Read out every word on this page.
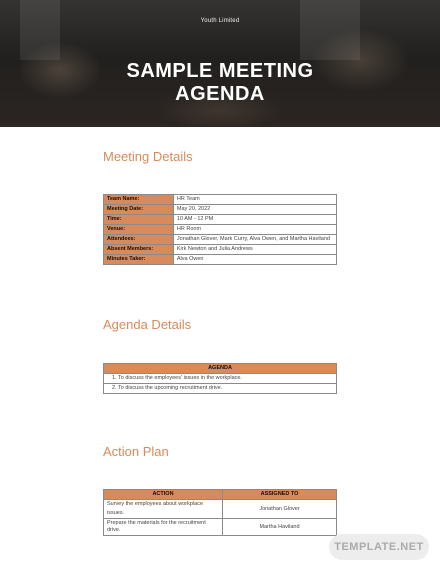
Youth Limited
SAMPLE MEETING
AGENDA
Meeting Details
Team Name:	HR Team
Meeting Date:	May 20, 2022
Time:	10 AM - 12 PM
Venue:	HR Room
Attendees:	Jonathan Glover, Mark Curry, Alva Owen, and Martha Haviland
Absent Members:	Kirk Newton and Julia Andrews
Minutes Taker:	Alva Owen
Agenda Details
AGENDA
1. To discuss the employees' issues in the workplace.
2. To discuss the upcoming recruitment drive.
Action Plan
ACTION	ASSIGNED TO
Survey the employees about workplace issues.	Jonathan Glover
Prepare the materials for the recruitment drive.	Martha Haviland
TEMPLATE.NET
